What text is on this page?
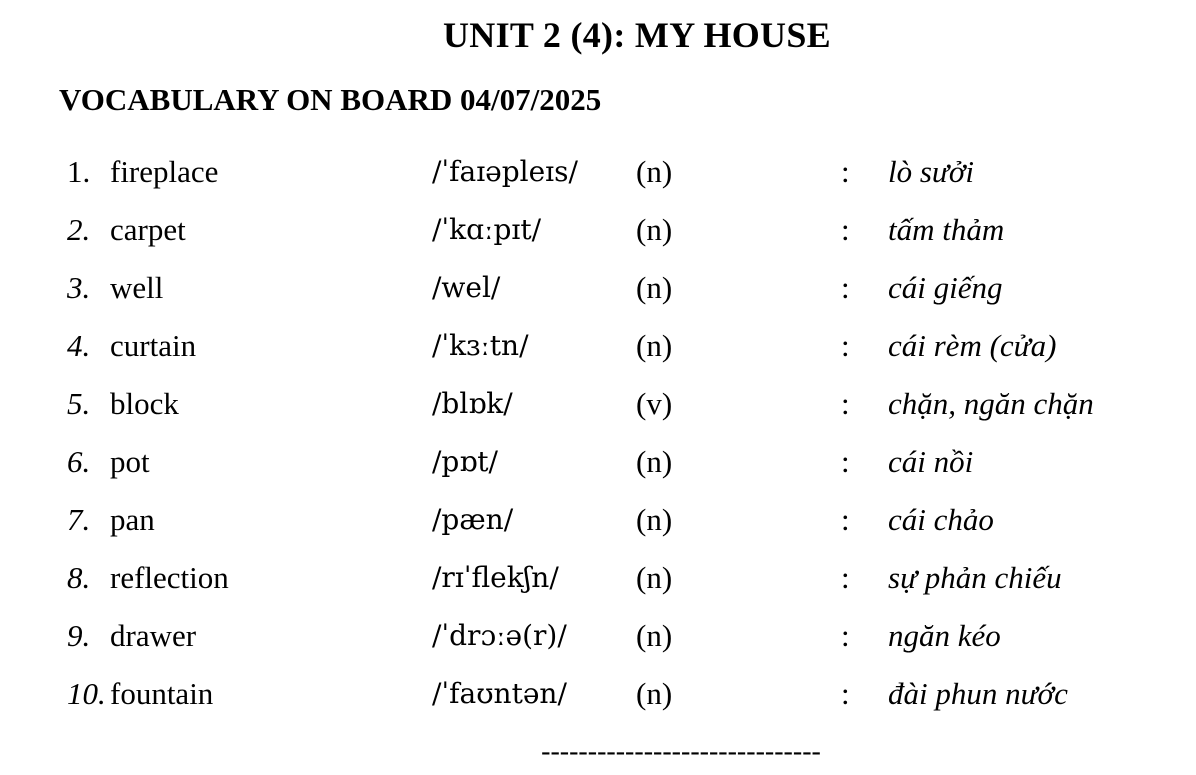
UNIT 2 (4): MY HOUSE
VOCABULARY ON BOARD 04/07/2025
1. fireplace	/ˈfaɪəpleɪs/ (n)	: lò sưởi
2. carpet	/ˈkɑːpɪt/	(n)	: tấm thảm
3. well	/wel/	(n)	: cái giếng
4. curtain	/ˈkɜːtn/	(n)	: cái rèm (cửa)
5. block	/blɒk/	(v)	: chặn, ngăn chặn
6. pot	/pɒt/	(n)	: cái nồi
7. pan	/pæn/	(n)	: cái chảo
8. reflection	/rɪˈflekʃn/ (n)	: sự phản chiếu
9. drawer	/ˈdrɔːə(r)/ (n)	: ngăn kéo
10. fountain	/ˈfaʊntən/ (n)	: đài phun nước
------------------------------
